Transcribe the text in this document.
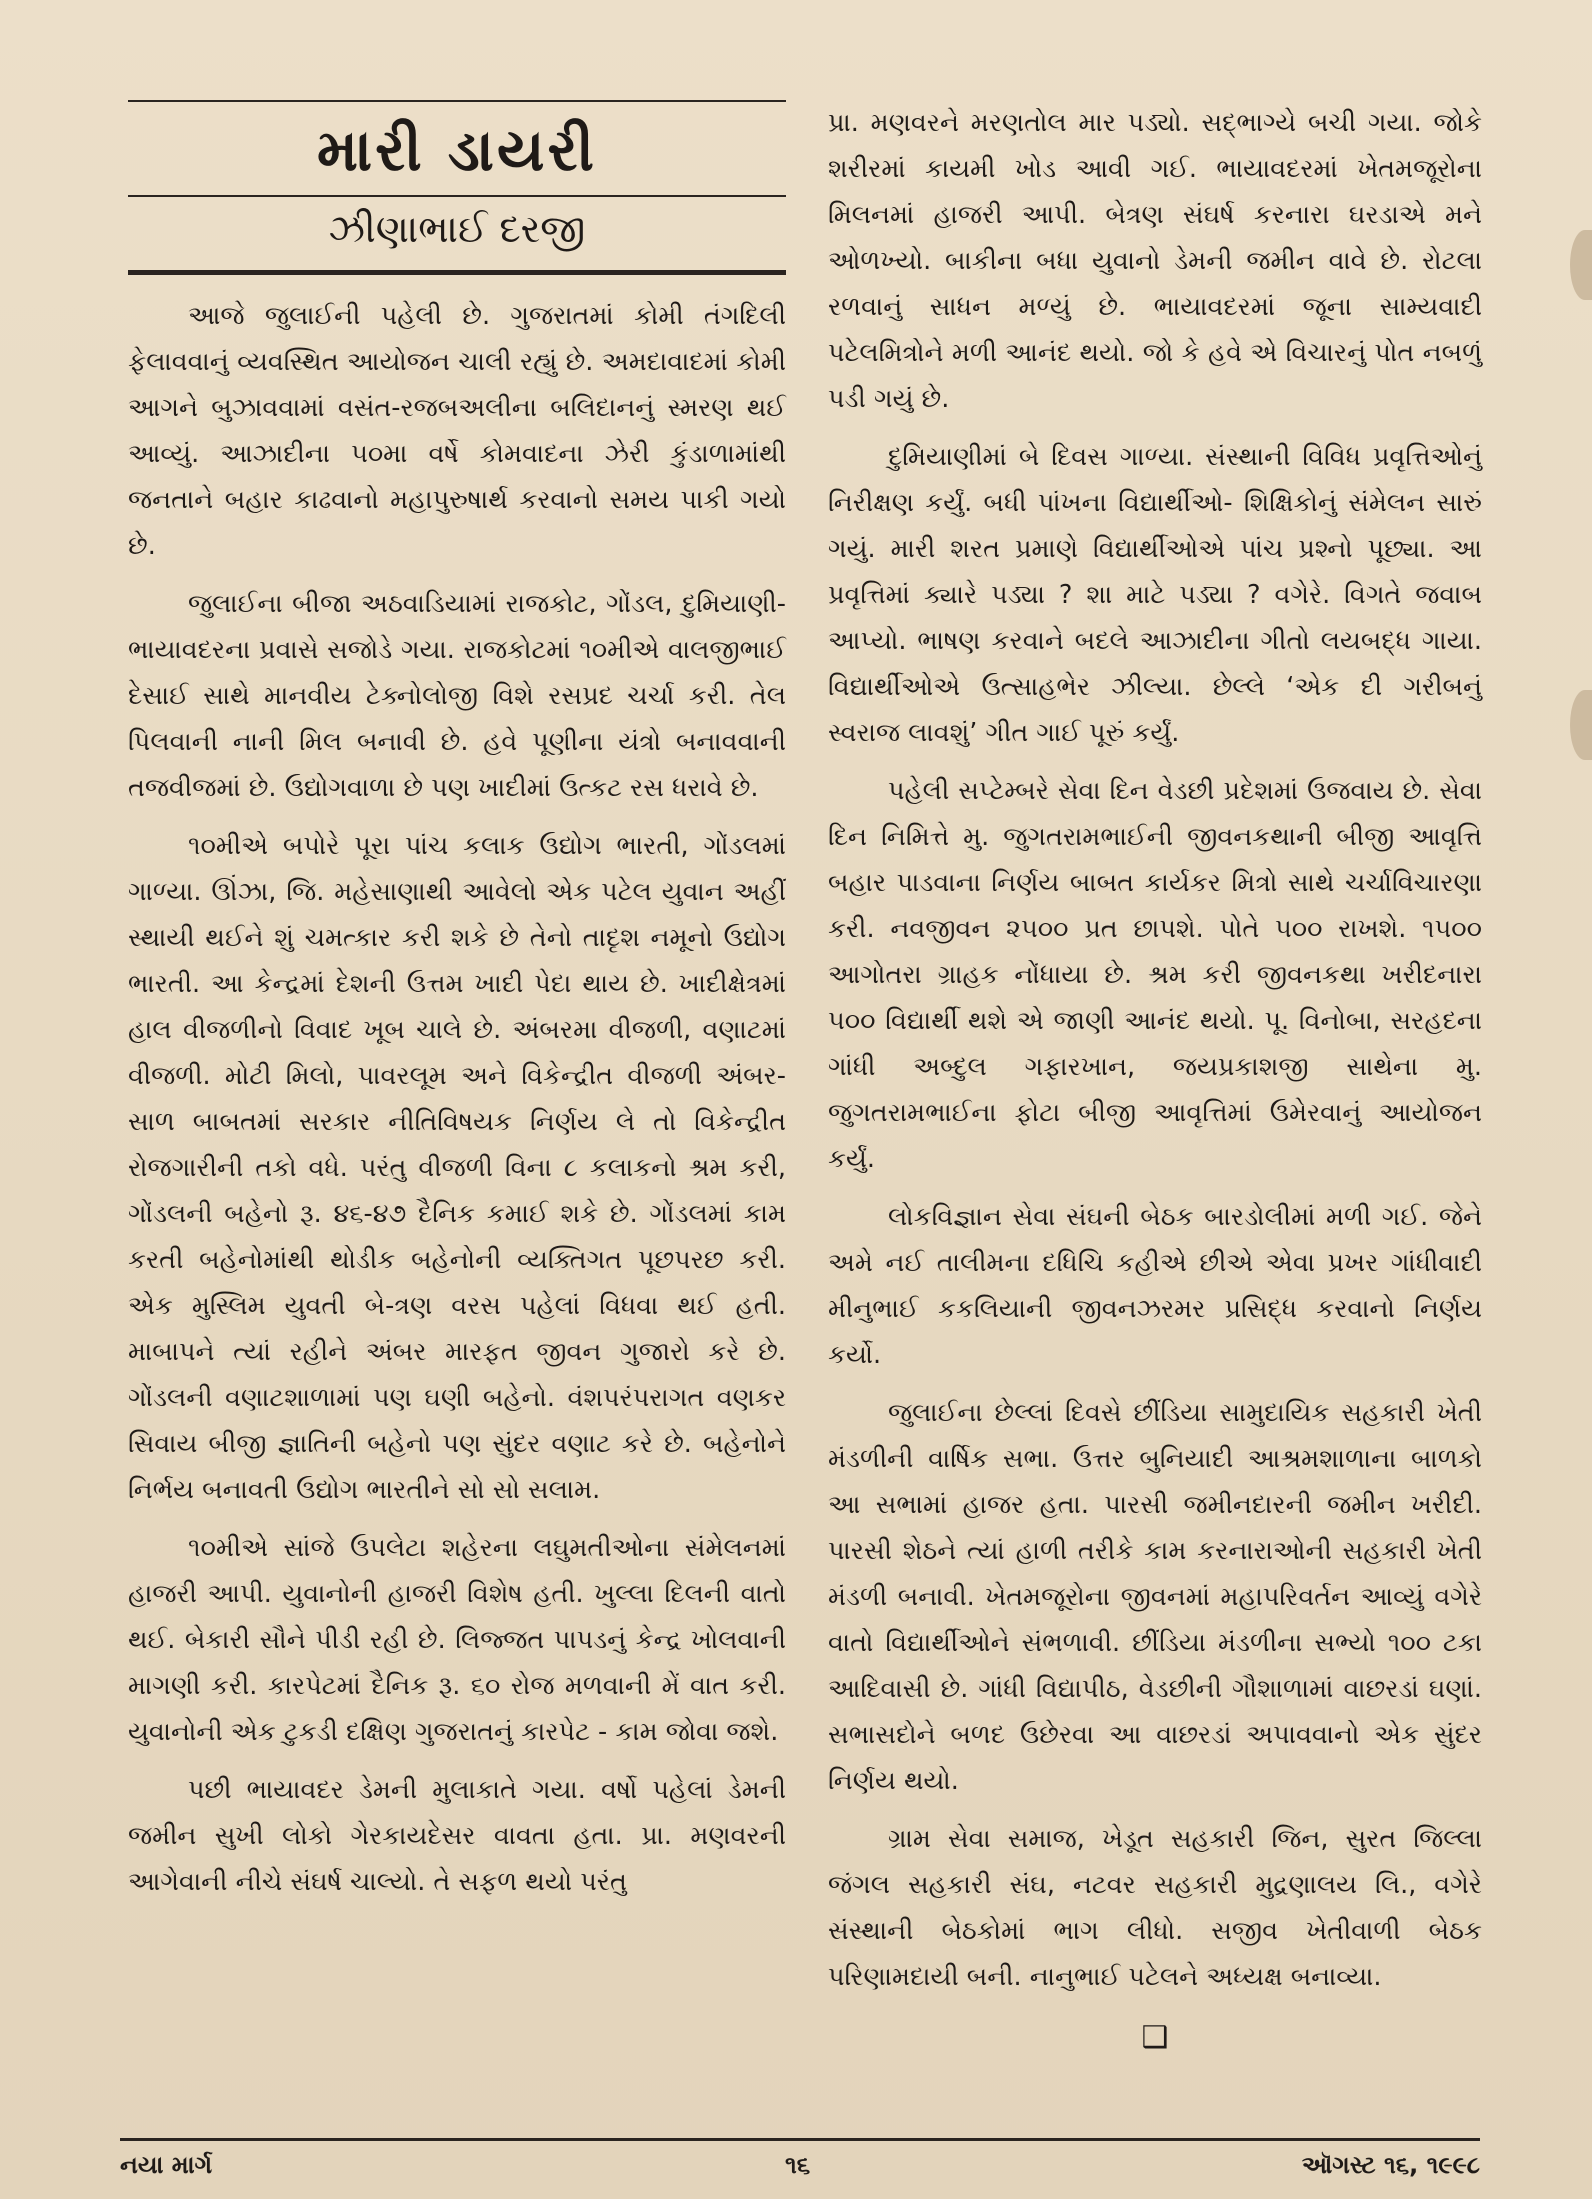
મારી ડાયરી
ઝીણાભાઈ દરજી

આજે જુલાઈની પહેલી છે. ગુજરાતમાં કોમી તંગદિલી ફેલાવવાનું વ્યવસ્થિત આયોજન ચાલી રહ્યું છે. અમદાવાદમાં કોમી આગને બુઝાવવામાં વસંત-રજબઅલીના બલિદાનનું સ્મરણ થઈ આવ્યું. આઝાદીના ૫૦મા વર્ષે કોમવાદના ઝેરી કુંડાળામાંથી જનતાને બહાર કાઢવાનો મહાપુરુષાર્થ કરવાનો સમય પાકી ગયો છે.

જુલાઈના બીજા અઠવાડિયામાં રાજકોટ, ગોંડલ, દુમિયાણી-ભાયાવદરના પ્રવાસે સજોડે ગયા. રાજકોટમાં ૧૦મીએ વાલજીભાઈ દેસાઈ સાથે માનવીય ટેક્નોલોજી વિશે રસપ્રદ ચર્ચા કરી. તેલ પિલવાની નાની મિલ બનાવી છે. હવે પૂણીના યંત્રો બનાવવાની તજવીજમાં છે. ઉદ્યોગવાળા છે પણ ખાદીમાં ઉત્કટ રસ ધરાવે છે.

૧૦મીએ બપોરે પૂરા પાંચ કલાક ઉદ્યોગ ભારતી, ગોંડલમાં ગાળ્યા. ઊંઝા, જિ. મહેસાણાથી આવેલો એક પટેલ યુવાન અહીં સ્થાયી થઈને શું ચમત્કાર કરી શકે છે તેનો તાદૃશ નમૂનો ઉદ્યોગ ભારતી. આ કેન્દ્રમાં દેશની ઉત્તમ ખાદી પેદા થાય છે. ખાદીક્ષેત્રમાં હાલ વીજળીનો વિવાદ ખૂબ ચાલે છે. અંબરમા વીજળી, વણાટમાં વીજળી. મોટી મિલો, પાવરલૂમ અને વિકેન્દ્રીત વીજળી અંબર-સાળ બાબતમાં સરકાર નીતિવિષયક નિર્ણય લે તો વિકેન્દ્રીત રોજગારીની તકો વધે. પરંતુ વીજળી વિના ૮ કલાકનો શ્રમ કરી, ગોંડલની બહેનો રૂ. ૪૬-૪૭ દૈનિક કમાઈ શકે છે. ગોંડલમાં કામ કરતી બહેનોમાંથી થોડીક બહેનોની વ્યક્તિગત પૂછપરછ કરી. એક મુસ્લિમ યુવતી બે-ત્રણ વરસ પહેલાં વિધવા થઈ હતી. માબાપને ત્યાં રહીને અંબર મારફત જીવન ગુજારો કરે છે. ગોંડલની વણાટશાળામાં પણ ઘણી બહેનો. વંશપરંપરાગત વણકર સિવાય બીજી જ્ઞાતિની બહેનો પણ સુંદર વણાટ કરે છે. બહેનોને નિર્ભય બનાવતી ઉદ્યોગ ભારતીને સો સો સલામ.

૧૦મીએ સાંજે ઉપલેટા શહેરના લઘુમતીઓના સંમેલનમાં હાજરી આપી. યુવાનોની હાજરી વિશેષ હતી. ખુલ્લા દિલની વાતો થઈ. બેકારી સૌને પીડી રહી છે. લિજ્જત પાપડનું કેન્દ્ર ખોલવાની માગણી કરી. કારપેટમાં દૈનિક રૂ. ૬૦ રોજ મળવાની મેં વાત કરી. યુવાનોની એક ટુકડી દક્ષિણ ગુજરાતનું કારપેટ - કામ જોવા જશે.

પછી ભાયાવદર ડેમની મુલાકાતે ગયા. વર્ષો પહેલાં ડેમની જમીન સુખી લોકો ગેરકાયદેસર વાવતા હતા. પ્રા. મણવરની આગેવાની નીચે સંઘર્ષ ચાલ્યો. તે સફળ થયો પરંતુ

પ્રા. મણવરને મરણતોલ માર પડ્યો. સદ્ભાગ્યે બચી ગયા. જોકે શરીરમાં કાયમી ખોડ આવી ગઈ. ભાયાવદરમાં ખેતમજૂરોના મિલનમાં હાજરી આપી. બેત્રણ સંઘર્ષ કરનારા ઘરડાએ મને ઓળખ્યો. બાકીના બધા યુવાનો ડેમની જમીન વાવે છે. રોટલા રળવાનું સાધન મળ્યું છે. ભાયાવદરમાં જૂના સામ્યવાદી પટેલમિત્રોને મળી આનંદ થયો. જો કે હવે એ વિચારનું પોત નબળું પડી ગયું છે.

દુમિયાણીમાં બે દિવસ ગાળ્યા. સંસ્થાની વિવિધ પ્રવૃત્તિઓનું નિરીક્ષણ કર્યું. બધી પાંખના વિદ્યાર્થીઓ- શિક્ષિકોનું સંમેલન સારું ગયું. મારી શરત પ્રમાણે વિદ્યાર્થીઓએ પાંચ પ્રશ્નો પૂછ્યા. આ પ્રવૃત્તિમાં ક્યારે પડ્યા ? શા માટે પડ્યા ? વગેરે. વિગતે જવાબ આપ્યો. ભાષણ કરવાને બદલે આઝાદીના ગીતો લયબદ્ધ ગાયા. વિદ્યાર્થીઓએ ઉત્સાહભેર ઝીલ્યા. છેલ્લે ‘એક દી ગરીબનું સ્વરાજ લાવશું’ ગીત ગાઈ પૂરું કર્યું.

પહેલી સપ્ટેમ્બરે સેવા દિન વેડછી પ્રદેશમાં ઉજવાય છે. સેવા દિન નિમિત્તે મુ. જુગતરામભાઈની જીવનકથાની બીજી આવૃત્તિ બહાર પાડવાના નિર્ણય બાબત કાર્યકર મિત્રો સાથે ચર્ચાવિચારણા કરી. નવજીવન ૨૫૦૦ પ્રત છાપશે. પોતે ૫૦૦ રાખશે. ૧૫૦૦ આગોતરા ગ્રાહક નોંધાયા છે. શ્રમ કરી જીવનકથા ખરીદનારા ૫૦૦ વિદ્યાર્થી થશે એ જાણી આનંદ થયો. પૂ. વિનોબા, સરહદના ગાંધી અબ્દુલ ગફારખાન, જયપ્રકાશજી સાથેના મુ. જુગતરામભાઈના ફોટા બીજી આવૃત્તિમાં ઉમેરવાનું આયોજન કર્યું.

લોકવિજ્ઞાન સેવા સંઘની બેઠક બારડોલીમાં મળી ગઈ. જેને અમે નઈ તાલીમના દધિચિ કહીએ છીએ એવા પ્રખર ગાંધીવાદી મીનુભાઈ કકલિયાની જીવનઝરમર પ્રસિદ્ધ કરવાનો નિર્ણય કર્યો.

જુલાઈના છેલ્લાં દિવસે છીંડિયા સામુદાયિક સહકારી ખેતી મંડળીની વાર્ષિક સભા. ઉત્તર બુનિયાદી આશ્રમશાળાના બાળકો આ સભામાં હાજર હતા. પારસી જમીનદારની જમીન ખરીદી. પારસી શેઠને ત્યાં હાળી તરીકે કામ કરનારાઓની સહકારી ખેતી મંડળી બનાવી. ખેતમજૂરોના જીવનમાં મહાપરિવર્તન આવ્યું વગેરે વાતો વિદ્યાર્થીઓને સંભળાવી. છીંડિયા મંડળીના સભ્યો ૧૦૦ ટકા આદિવાસી છે. ગાંધી વિદ્યાપીઠ, વેડછીની ગૌશાળામાં વાછરડાં ઘણાં. સભાસદોને બળદ ઉછેરવા આ વાછરડાં અપાવવાનો એક સુંદર નિર્ણય થયો.

ગ્રામ સેવા સમાજ, ખેડૂત સહકારી જિન, સુરત જિલ્લા જંગલ સહકારી સંઘ, નટવર સહકારી મુદ્રણાલય લિ., વગેરે સંસ્થાની બેઠકોમાં ભાગ લીધો. સજીવ ખેતીવાળી બેઠક પરિણામદાયી બની. નાનુભાઈ પટેલને અધ્યક્ષ બનાવ્યા.

❑
નયા માર્ગ	૧૬	ઑગસ્ટ ૧૬, ૧૯૯૮
